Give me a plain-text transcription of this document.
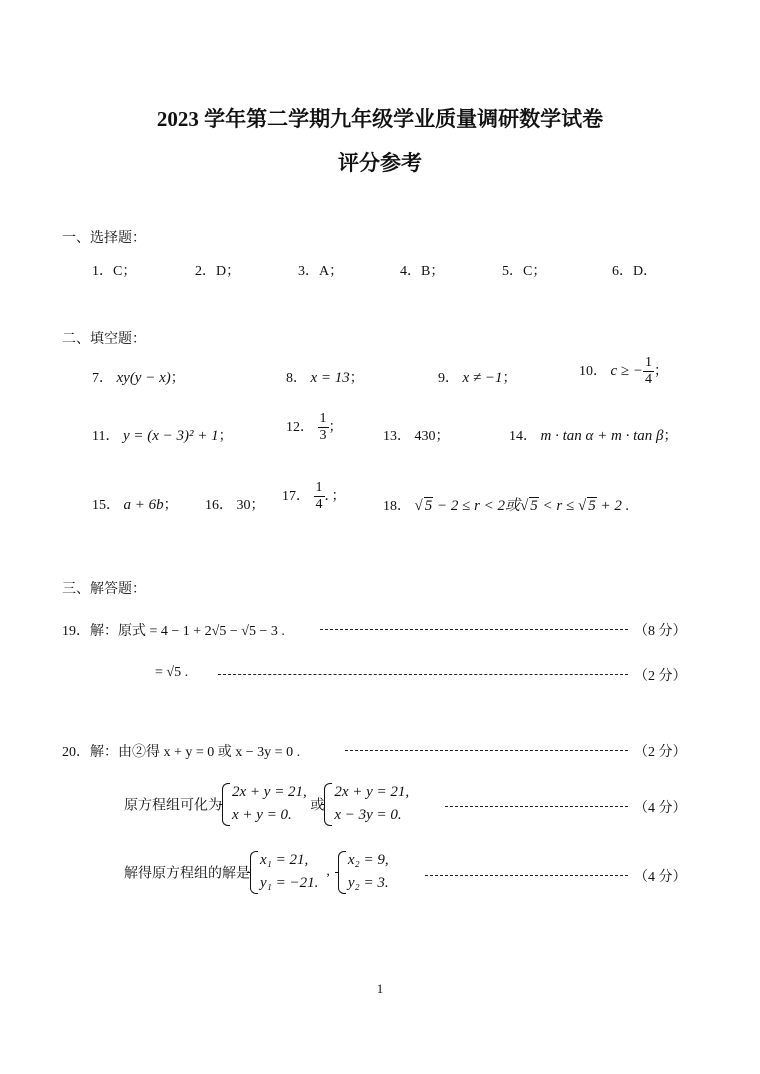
2023 学年第二学期九年级学业质量调研数学试卷
评分参考
一、选择题：
1．C；	2．D；	3．A；	4．B；	5．C；	6．D．
二、填空题：
7． xy(y − x)；	8． x = 13；	9． x ≠ −1；	10． c ≥ − $\frac{1}{4}$ ；
11． y = (x − 3)² + 1；
12． $\frac{1}{3}$ ；
13． 430；	14． m · tan α + m · tan β；
15． a + 6b； 16． 30；
17． $\frac{1}{4}$ ．；
18． √ 5 − 2 ≤ r < 2或√ 5 < r ≤ √ 5 + 2 .
三、解答题：
19．解：原式 = 4 − 1 + 2√5 − √5 − 3 .	（8 分）
= √5 .	（2 分）
20．解：由②得 x + y = 0 或 x − 3y = 0 .	（2 分）
原方程组可化为
2x + y = 21,
x + y = 0.
或
2x + y = 21,
x − 3y = 0.	（4 分）
解得原方程组的解是
x₁ = 21,
y₁ = −21.
,
x₂ = 9,
y₂ = 3.	（4 分）
1
